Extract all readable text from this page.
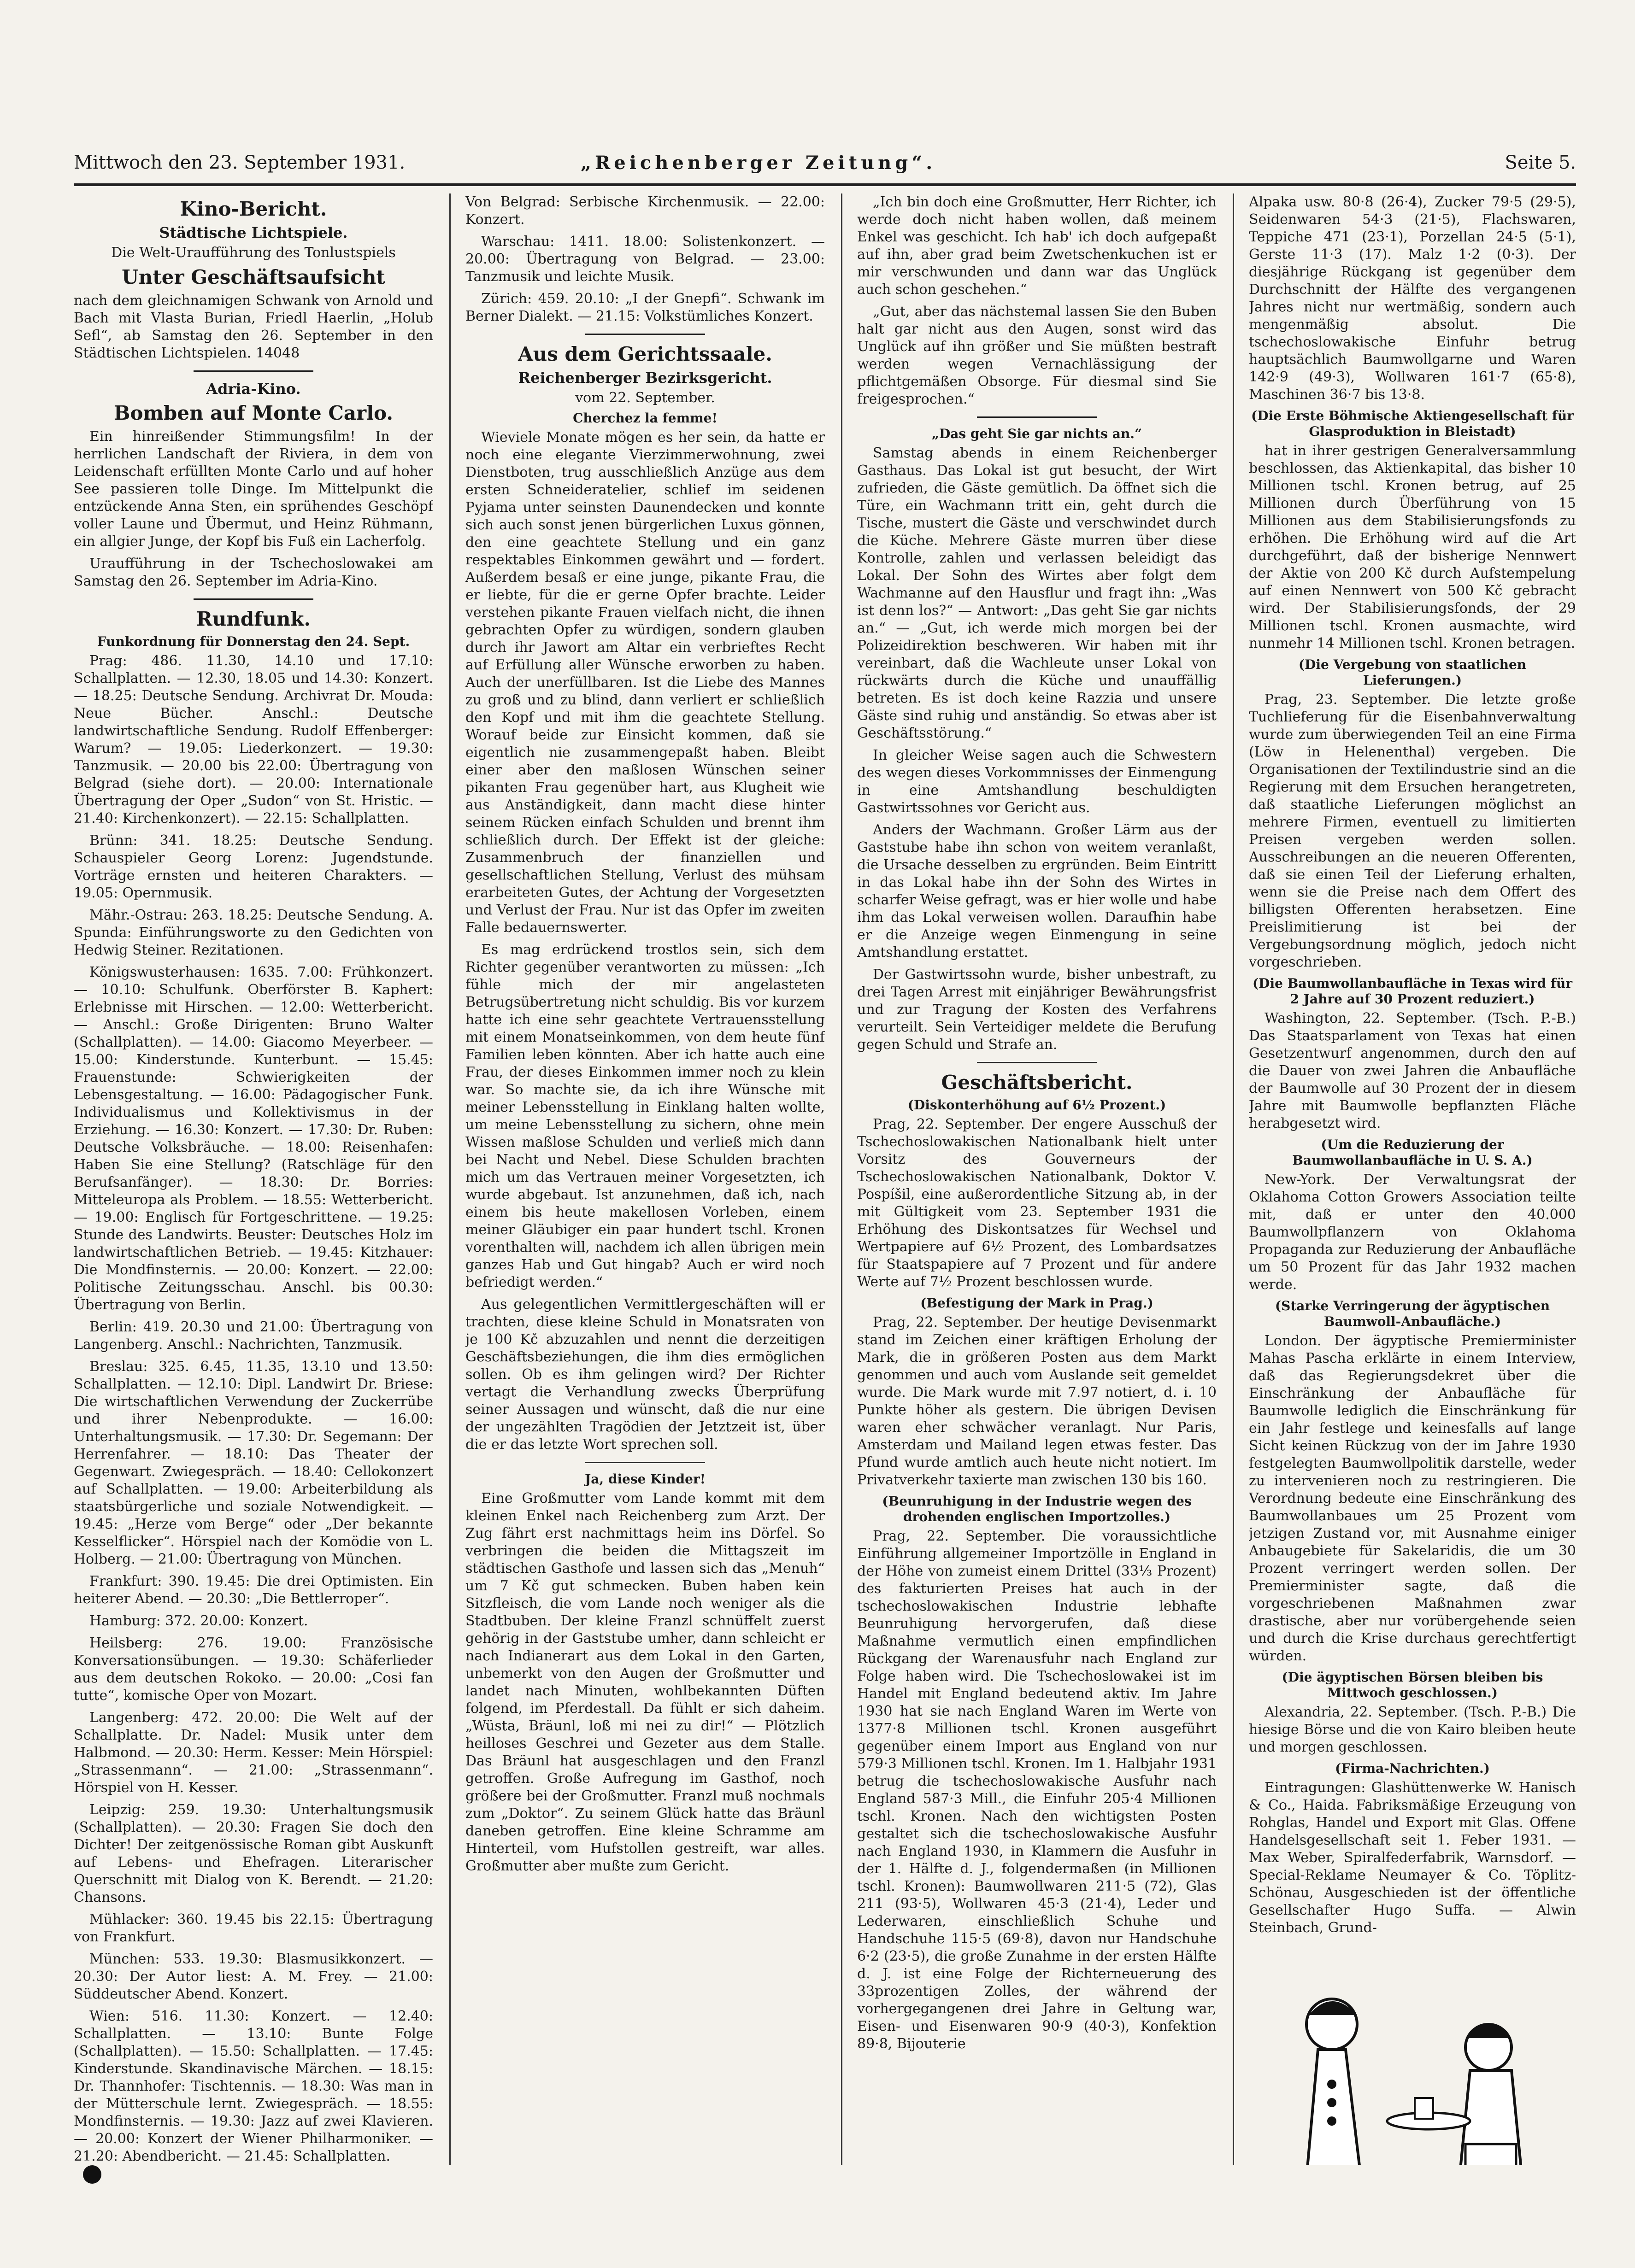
Mittwoch den 23. September 1931.	„Reichenberger Zeitung“.	Seite 5.
Kino-Bericht.
Städtische Lichtspiele.

Die Welt-Uraufführung des Tonlustspiels

Unter Geschäftsaufsicht

nach dem gleichnamigen Schwank von Arnold und Bach mit Vlasta Burian, Friedl Haerlin, „Holub Sefl“, ab Samstag den 26. September in den Städtischen Lichtspielen. 14048

Adria-Kino.
Bomben auf Monte Carlo.

Ein hinreißender Stimmungsfilm! In der herrlichen Landschaft der Riviera, in dem von Leidenschaft erfüllten Monte Carlo und auf hoher See passieren tolle Dinge. Im Mittelpunkt die entzückende Anna Sten, ein sprühendes Geschöpf voller Laune und Übermut, und Heinz Rühmann, ein allgier Junge, der Kopf bis Fuß ein Lacherfolg.

Uraufführung in der Tschechoslowakei am Samstag den 26. September im Adria-Kino.

Rundfunk.
Funkordnung für Donnerstag den 24. Sept.

Prag: 486. 11.30, 14.10 und 17.10: Schallplatten. — 12.30, 18.05 und 14.30: Konzert. — 18.25: Deutsche Sendung. Archivrat Dr. Mouda: Neue Bücher. Anschl.: Deutsche landwirtschaftliche Sendung. Rudolf Effenberger: Warum? — 19.05: Liederkonzert. — 19.30: Tanzmusik. — 20.00 bis 22.00: Übertragung von Belgrad (siehe dort). — 20.00: Internationale Übertragung der Oper „Sudon“ von St. Hristic. — 21.40: Kirchenkonzert). — 22.15: Schallplatten.

Brünn: 341. 18.25: Deutsche Sendung. Schauspieler Georg Lorenz: Jugendstunde. Vorträge ernsten und heiteren Charakters. — 19.05: Opernmusik.

Mähr.-Ostrau: 263. 18.25: Deutsche Sendung. A. Spunda: Einführungsworte zu den Gedichten von Hedwig Steiner. Rezitationen.

Königswusterhausen: 1635. 7.00: Frühkonzert. — 10.10: Schulfunk. Oberförster B. Kaphert: Erlebnisse mit Hirschen. — 12.00: Wetterbericht. — Anschl.: Große Dirigenten: Bruno Walter (Schallplatten). — 14.00: Giacomo Meyerbeer. — 15.00: Kinderstunde. Kunterbunt. — 15.45: Frauenstunde: Schwierigkeiten der Lebensgestaltung. — 16.00: Pädagogischer Funk. Individualismus und Kollektivismus in der Erziehung. — 16.30: Konzert. — 17.30: Dr. Ruben: Deutsche Volksbräuche. — 18.00: Reisenhafen: Haben Sie eine Stellung? (Ratschläge für den Berufsanfänger). — 18.30: Dr. Borries: Mitteleuropa als Problem. — 18.55: Wetterbericht. — 19.00: Englisch für Fortgeschrittene. — 19.25: Stunde des Landwirts. Beuster: Deutsches Holz im landwirtschaftlichen Betrieb. — 19.45: Kitzhauer: Die Mondfinsternis. — 20.00: Konzert. — 22.00: Politische Zeitungsschau. Anschl. bis 00.30: Übertragung von Berlin.

Berlin: 419. 20.30 und 21.00: Übertragung von Langenberg. Anschl.: Nachrichten, Tanzmusik.

Breslau: 325. 6.45, 11.35, 13.10 und 13.50: Schallplatten. — 12.10: Dipl. Landwirt Dr. Briese: Die wirtschaftlichen Verwendung der Zuckerrübe und ihrer Nebenprodukte. — 16.00: Unterhaltungsmusik. — 17.30: Dr. Segemann: Der Herrenfahrer. — 18.10: Das Theater der Gegenwart. Zwiegespräch. — 18.40: Cellokonzert auf Schallplatten. — 19.00: Arbeiterbildung als staatsbürgerliche und soziale Notwendigkeit. — 19.45: „Herze vom Berge“ oder „Der bekannte Kesselflicker“. Hörspiel nach der Komödie von L. Holberg. — 21.00: Übertragung von München.

Frankfurt: 390. 19.45: Die drei Optimisten. Ein heiterer Abend. — 20.30: „Die Bettlerroper“.

Hamburg: 372. 20.00: Konzert.

Heilsberg: 276. 19.00: Französische Konversationsübungen. — 19.30: Schäferlieder aus dem deutschen Rokoko. — 20.00: „Cosi fan tutte“, komische Oper von Mozart.

Langenberg: 472. 20.00: Die Welt auf der Schallplatte. Dr. Nadel: Musik unter dem Halbmond. — 20.30: Herm. Kesser: Mein Hörspiel: „Strassenmann“. — 21.00: „Strassenmann“. Hörspiel von H. Kesser.

Leipzig: 259. 19.30: Unterhaltungsmusik (Schallplatten). — 20.30: Fragen Sie doch den Dichter! Der zeitgenössische Roman gibt Auskunft auf Lebens- und Ehefragen. Literarischer Querschnitt mit Dialog von K. Berendt. — 21.20: Chansons.

Mühlacker: 360. 19.45 bis 22.15: Übertragung von Frankfurt.

München: 533. 19.30: Blasmusikkonzert. — 20.30: Der Autor liest: A. M. Frey. — 21.00: Süddeutscher Abend. Konzert.

Wien: 516. 11.30: Konzert. — 12.40: Schallplatten. — 13.10: Bunte Folge (Schallplatten). — 15.50: Schallplatten. — 17.45: Kinderstunde. Skandinavische Märchen. — 18.15: Dr. Thannhofer: Tischtennis. — 18.30: Was man in der Mütterschule lernt. Zwiegespräch. — 18.55: Mondfinsternis. — 19.30: Jazz auf zwei Klavieren. — 20.00: Konzert der Wiener Philharmoniker. — 21.20: Abendbericht. — 21.45: Schallplatten.

Von Belgrad: Serbische Kirchenmusik. — 22.00: Konzert.

Warschau: 1411. 18.00: Solistenkonzert. — 20.00: Übertragung von Belgrad. — 23.00: Tanzmusik und leichte Musik.

Zürich: 459. 20.10: „I der Gnepfi“. Schwank im Berner Dialekt. — 21.15: Volkstümliches Konzert.

Aus dem Gerichtssaale.
Reichenberger Bezirksgericht.
vom 22. September.
Cherchez la femme!

Wieviele Monate mögen es her sein, da hatte er noch eine elegante Vierzimmerwohnung, zwei Dienstboten, trug ausschließlich Anzüge aus dem ersten Schneideratelier, schlief im seidenen Pyjama unter seinsten Daunendecken und konnte sich auch sonst jenen bürgerlichen Luxus gönnen, den eine geachtete Stellung und ein ganz respektables Einkommen gewährt und — fordert. Außerdem besaß er eine junge, pikante Frau, die er liebte, für die er gerne Opfer brachte. Leider verstehen pikante Frauen vielfach nicht, die ihnen gebrachten Opfer zu würdigen, sondern glauben durch ihr Jawort am Altar ein verbrieftes Recht auf Erfüllung aller Wünsche erworben zu haben. Auch der unerfüllbaren. Ist die Liebe des Mannes zu groß und zu blind, dann verliert er schließlich den Kopf und mit ihm die geachtete Stellung. Worauf beide zur Einsicht kommen, daß sie eigentlich nie zusammengepaßt haben. Bleibt einer aber den maßlosen Wünschen seiner pikanten Frau gegenüber hart, aus Klugheit wie aus Anständigkeit, dann macht diese hinter seinem Rücken einfach Schulden und brennt ihm schließlich durch. Der Effekt ist der gleiche: Zusammenbruch der finanziellen und gesellschaftlichen Stellung, Verlust des mühsam erarbeiteten Gutes, der Achtung der Vorgesetzten und Verlust der Frau. Nur ist das Opfer im zweiten Falle bedauernswerter.

Es mag erdrückend trostlos sein, sich dem Richter gegenüber verantworten zu müssen: „Ich fühle mich der mir angelasteten Betrugsübertretung nicht schuldig. Bis vor kurzem hatte ich eine sehr geachtete Vertrauensstellung mit einem Monatseinkommen, von dem heute fünf Familien leben könnten. Aber ich hatte auch eine Frau, der dieses Einkommen immer noch zu klein war. So machte sie, da ich ihre Wünsche mit meiner Lebensstellung in Einklang halten wollte, um meine Lebensstellung zu sichern, ohne mein Wissen maßlose Schulden und verließ mich dann bei Nacht und Nebel. Diese Schulden brachten mich um das Vertrauen meiner Vorgesetzten, ich wurde abgebaut. Ist anzunehmen, daß ich, nach einem bis heute makellosen Vorleben, einem meiner Gläubiger ein paar hundert tschl. Kronen vorenthalten will, nachdem ich allen übrigen mein ganzes Hab und Gut hingab? Auch er wird noch befriedigt werden.“

Aus gelegentlichen Vermittlergeschäften will er trachten, diese kleine Schuld in Monatsraten von je 100 Kč abzuzahlen und nennt die derzeitigen Geschäftsbeziehungen, die ihm dies ermöglichen sollen. Ob es ihm gelingen wird? Der Richter vertagt die Verhandlung zwecks Überprüfung seiner Aussagen und wünscht, daß die nur eine der ungezählten Tragödien der Jetztzeit ist, über die er das letzte Wort sprechen soll.

Ja, diese Kinder!

Eine Großmutter vom Lande kommt mit dem kleinen Enkel nach Reichenberg zum Arzt. Der Zug fährt erst nachmittags heim ins Dörfel. So verbringen die beiden die Mittagszeit im städtischen Gasthofe und lassen sich das „Menuh“ um 7 Kč gut schmecken. Buben haben kein Sitzfleisch, die vom Lande noch weniger als die Stadtbuben. Der kleine Franzl schnüffelt zuerst gehörig in der Gaststube umher, dann schleicht er nach Indianerart aus dem Lokal in den Garten, unbemerkt von den Augen der Großmutter und landet nach Minuten, wohlbekannten Düften folgend, im Pferdestall. Da fühlt er sich daheim. „Wüsta, Bräunl, loß mi nei zu dir!“ — Plötzlich heilloses Geschrei und Gezeter aus dem Stalle. Das Bräunl hat ausgeschlagen und den Franzl getroffen. Große Aufregung im Gasthof, noch größere bei der Großmutter. Franzl muß nochmals zum „Doktor“. Zu seinem Glück hatte das Bräunl daneben getroffen. Eine kleine Schramme am Hinterteil, vom Hufstollen gestreift, war alles. Großmutter aber mußte zum Gericht.

„Ich bin doch eine Großmutter, Herr Richter, ich werde doch nicht haben wollen, daß meinem Enkel was geschicht. Ich hab' ich doch aufgepaßt auf ihn, aber grad beim Zwetschenkuchen ist er mir verschwunden und dann war das Unglück auch schon geschehen.“

„Gut, aber das nächstemal lassen Sie den Buben halt gar nicht aus den Augen, sonst wird das Unglück auf ihn größer und Sie müßten bestraft werden wegen Vernachlässigung der pflichtgemäßen Obsorge. Für diesmal sind Sie freigesprochen.“

„Das geht Sie gar nichts an.“

Samstag abends in einem Reichenberger Gasthaus. Das Lokal ist gut besucht, der Wirt zufrieden, die Gäste gemütlich. Da öffnet sich die Türe, ein Wachmann tritt ein, geht durch die Tische, mustert die Gäste und verschwindet durch die Küche. Mehrere Gäste murren über diese Kontrolle, zahlen und verlassen beleidigt das Lokal. Der Sohn des Wirtes aber folgt dem Wachmanne auf den Hausflur und fragt ihn: „Was ist denn los?“ — Antwort: „Das geht Sie gar nichts an.“ — „Gut, ich werde mich morgen bei der Polizeidirektion beschweren. Wir haben mit ihr vereinbart, daß die Wachleute unser Lokal von rückwärts durch die Küche und unauffällig betreten. Es ist doch keine Razzia und unsere Gäste sind ruhig und anständig. So etwas aber ist Geschäftsstörung.“

In gleicher Weise sagen auch die Schwestern des wegen dieses Vorkommnisses der Einmengung in eine Amtshandlung beschuldigten Gastwirtssohnes vor Gericht aus.

Anders der Wachmann. Großer Lärm aus der Gaststube habe ihn schon von weitem veranlaßt, die Ursache desselben zu ergründen. Beim Eintritt in das Lokal habe ihn der Sohn des Wirtes in scharfer Weise gefragt, was er hier wolle und habe ihm das Lokal verweisen wollen. Daraufhin habe er die Anzeige wegen Einmengung in seine Amtshandlung erstattet.

Der Gastwirtssohn wurde, bisher unbestraft, zu drei Tagen Arrest mit einjähriger Bewährungsfrist und zur Tragung der Kosten des Verfahrens verurteilt. Sein Verteidiger meldete die Berufung gegen Schuld und Strafe an.

Geschäftsbericht.
(Diskonterhöhung auf 6½ Prozent.)

Prag, 22. September. Der engere Ausschuß der Tschechoslowakischen Nationalbank hielt unter Vorsitz des Gouverneurs der Tschechoslowakischen Nationalbank, Doktor V. Pospíšil, eine außerordentliche Sitzung ab, in der mit Gültigkeit vom 23. September 1931 die Erhöhung des Diskontsatzes für Wechsel und Wertpapiere auf 6½ Prozent, des Lombardsatzes für Staatspapiere auf 7 Prozent und für andere Werte auf 7½ Prozent beschlossen wurde.

(Befestigung der Mark in Prag.)

Prag, 22. September. Der heutige Devisenmarkt stand im Zeichen einer kräftigen Erholung der Mark, die in größeren Posten aus dem Markt genommen und auch vom Auslande seit gemeldet wurde. Die Mark wurde mit 7.97 notiert, d. i. 10 Punkte höher als gestern. Die übrigen Devisen waren eher schwächer veranlagt. Nur Paris, Amsterdam und Mailand legen etwas fester. Das Pfund wurde amtlich auch heute nicht notiert. Im Privatverkehr taxierte man zwischen 130 bis 160.

(Beunruhigung in der Industrie wegen des drohenden englischen Importzolles.)

Prag, 22. September. Die voraussichtliche Einführung allgemeiner Importzölle in England in der Höhe von zumeist einem Drittel (33⅓ Prozent) des fakturierten Preises hat auch in der tschechoslowakischen Industrie lebhafte Beunruhigung hervorgerufen, daß diese Maßnahme vermutlich einen empfindlichen Rückgang der Warenausfuhr nach England zur Folge haben wird. Die Tschechoslowakei ist im Handel mit England bedeutend aktiv. Im Jahre 1930 hat sie nach England Waren im Werte von 1377·8 Millionen tschl. Kronen ausgeführt gegenüber einem Import aus England von nur 579·3 Millionen tschl. Kronen. Im 1. Halbjahr 1931 betrug die tschechoslowakische Ausfuhr nach England 587·3 Mill., die Einfuhr 205·4 Millionen tschl. Kronen. Nach den wichtigsten Posten gestaltet sich die tschechoslowakische Ausfuhr nach England 1930, in Klammern die Ausfuhr in der 1. Hälfte d. J., folgendermaßen (in Millionen tschl. Kronen): Baumwollwaren 211·5 (72), Glas 211 (93·5), Wollwaren 45·3 (21·4), Leder und Lederwaren, einschließlich Schuhe und Handschuhe 115·5 (69·8), davon nur Handschuhe 6·2 (23·5), die große Zunahme in der ersten Hälfte d. J. ist eine Folge der Richterneuerung des 33prozentigen Zolles, der während der vorhergegangenen drei Jahre in Geltung war, Eisen- und Eisenwaren 90·9 (40·3), Konfektion 89·8, Bijouterie

Alpaka usw. 80·8 (26·4), Zucker 79·5 (29·5), Seidenwaren 54·3 (21·5), Flachswaren, Teppiche 471 (23·1), Porzellan 24·5 (5·1), Gerste 11·3 (17). Malz 1·2 (0·3). Der diesjährige Rückgang ist gegenüber dem Durchschnitt der Hälfte des vergangenen Jahres nicht nur wertmäßig, sondern auch mengenmäßig absolut. Die tschechoslowakische Einfuhr betrug hauptsächlich Baumwollgarne und Waren 142·9 (49·3), Wollwaren 161·7 (65·8), Maschinen 36·7 bis 13·8.

(Die Erste Böhmische Aktiengesellschaft für Glasproduktion in Bleistadt)

hat in ihrer gestrigen Generalversammlung beschlossen, das Aktienkapital, das bisher 10 Millionen tschl. Kronen betrug, auf 25 Millionen durch Überführung von 15 Millionen aus dem Stabilisierungsfonds zu erhöhen. Die Erhöhung wird auf die Art durchgeführt, daß der bisherige Nennwert der Aktie von 200 Kč durch Aufstempelung auf einen Nennwert von 500 Kč gebracht wird. Der Stabilisierungsfonds, der 29 Millionen tschl. Kronen ausmachte, wird nunmehr 14 Millionen tschl. Kronen betragen.

(Die Vergebung von staatlichen Lieferungen.)

Prag, 23. September. Die letzte große Tuchlieferung für die Eisenbahnverwaltung wurde zum überwiegenden Teil an eine Firma (Löw in Helenenthal) vergeben. Die Organisationen der Textilindustrie sind an die Regierung mit dem Ersuchen herangetreten, daß staatliche Lieferungen möglichst an mehrere Firmen, eventuell zu limitierten Preisen vergeben werden sollen. Ausschreibungen an die neueren Offerenten, daß sie einen Teil der Lieferung erhalten, wenn sie die Preise nach dem Offert des billigsten Offerenten herabsetzen. Eine Preislimitierung ist bei der Vergebungsordnung möglich, jedoch nicht vorgeschrieben.

(Die Baumwollanbaufläche in Texas wird für 2 Jahre auf 30 Prozent reduziert.)

Washington, 22. September. (Tsch. P.-B.) Das Staatsparlament von Texas hat einen Gesetzentwurf angenommen, durch den auf die Dauer von zwei Jahren die Anbaufläche der Baumwolle auf 30 Prozent der in diesem Jahre mit Baumwolle bepflanzten Fläche herabgesetzt wird.

(Um die Reduzierung der Baumwollanbaufläche in U. S. A.)

New-York. Der Verwaltungsrat der Oklahoma Cotton Growers Association teilte mit, daß er unter den 40.000 Baumwollpflanzern von Oklahoma Propaganda zur Reduzierung der Anbaufläche um 50 Prozent für das Jahr 1932 machen werde.

(Starke Verringerung der ägyptischen Baumwoll-Anbaufläche.)

London. Der ägyptische Premierminister Mahas Pascha erklärte in einem Interview, daß das Regierungsdekret über die Einschränkung der Anbaufläche für Baumwolle lediglich die Einschränkung für ein Jahr festlege und keinesfalls auf lange Sicht keinen Rückzug von der im Jahre 1930 festgelegten Baumwollpolitik darstelle, weder zu intervenieren noch zu restringieren. Die Verordnung bedeute eine Einschränkung des Baumwollanbaues um 25 Prozent vom jetzigen Zustand vor, mit Ausnahme einiger Anbaugebiete für Sakelaridis, die um 30 Prozent verringert werden sollen. Der Premierminister sagte, daß die vorgeschriebenen Maßnahmen zwar drastische, aber nur vorübergehende seien und durch die Krise durchaus gerechtfertigt würden.

(Die ägyptischen Börsen bleiben bis Mittwoch geschlossen.)

Alexandria, 22. September. (Tsch. P.-B.) Die hiesige Börse und die von Kairo bleiben heute und morgen geschlossen.

(Firma-Nachrichten.)

Eintragungen: Glashüttenwerke W. Hanisch & Co., Haida. Fabriksmäßige Erzeugung von Rohglas, Handel und Export mit Glas. Offene Handelsgesellschaft seit 1. Feber 1931. — Max Weber, Spiralfederfabrik, Warnsdorf. — Special-Reklame Neumayer & Co. Töplitz-Schönau, Ausgeschieden ist der öffentliche Gesellschafter Hugo Suffa. — Alwin Steinbach, Grund-
